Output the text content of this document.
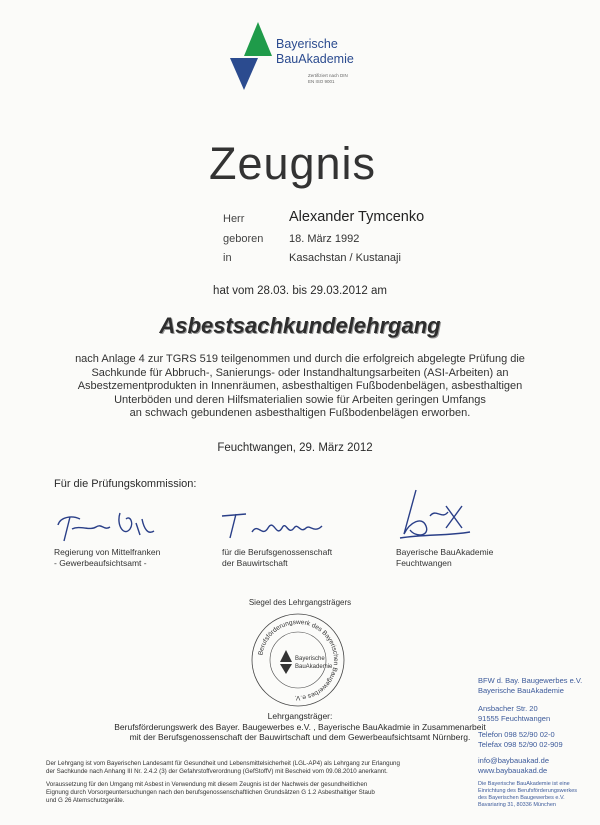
Bayerische
BauAkademie
Zertifiziert nach DIN EN ISO 9001
Zeugnis
Herr	Alexander Tymcenko
geboren 18. März 1992
in	Kasachstan / Kustanaji
hat vom 28.03. bis 29.03.2012 am
Asbestsachkundelehrgang
nach Anlage 4 zur TGRS 519 teilgenommen und durch die erfolgreich abgelegte Prüfung die
Sachkunde für Abbruch-, Sanierungs- oder Instandhaltungsarbeiten (ASI-Arbeiten) an
Asbestzementprodukten in Innenräumen, asbesthaltigen Fußbodenbelägen, asbesthaltigen
Unterböden und deren Hilfsmaterialien sowie für Arbeiten geringen Umfangs
an schwach gebundenen asbesthaltigen Fußbodenbelägen erworben.
Feuchtwangen, 29. März 2012
Für die Prüfungskommission:
Regierung von Mittelfranken
- Gewerbeaufsichtsamt -
für die Berufsgenossenschaft
der Bauwirtschaft
Bayerische BauAkademie
Feuchtwangen
Siegel des Lehrgangsträgers
Berufsförderungswerk des Bayerischen Baugewerbes e.V.
Bayerische
BauAkademie
BFW d. Bay. Baugewerbes e.V.
Bayerische BauAkademie
Ansbacher Str. 20
91555 Feuchtwangen
Telefon 098 52/90 02-0
Telefax 098 52/90 02-909
info@baybauakad.de
www.baybauakad.de
Die Bayerische BauAkademie ist eine
Einrichtung des Berufsförderungswerkes
des Bayerischen Baugewerbes e.V.
Bavariaring 31, 80336 München
Lehrgangsträger:
Berufsförderungswerk des Bayer. Baugewerbes e.V. , Bayerische BauAkadmie in Zusammenarbeit
mit der Berufsgenossenschaft der Bauwirtschaft und dem Gewerbeaufsichtsamt Nürnberg.
Der Lehrgang ist vom Bayerischen Landesamt für Gesundheit und Lebensmittelsicherheit (LGL-AP4) als Lehrgang zur Erlangung
der Sachkunde nach Anhang III Nr. 2.4.2 (3) der Gefahrstoffverordnung (GefStoffV) mit Bescheid vom 09.08.2010 anerkannt.
Voraussetzung für den Umgang mit Asbest in Verwendung mit diesem Zeugnis ist der Nachweis der gesundheitlichen
Eignung durch Vorsorgeuntersuchungen nach den berufsgenossenschaftlichen Grundsätzen G 1.2 Asbesthaltiger Staub
und G 26 Atemschutzgeräte.
